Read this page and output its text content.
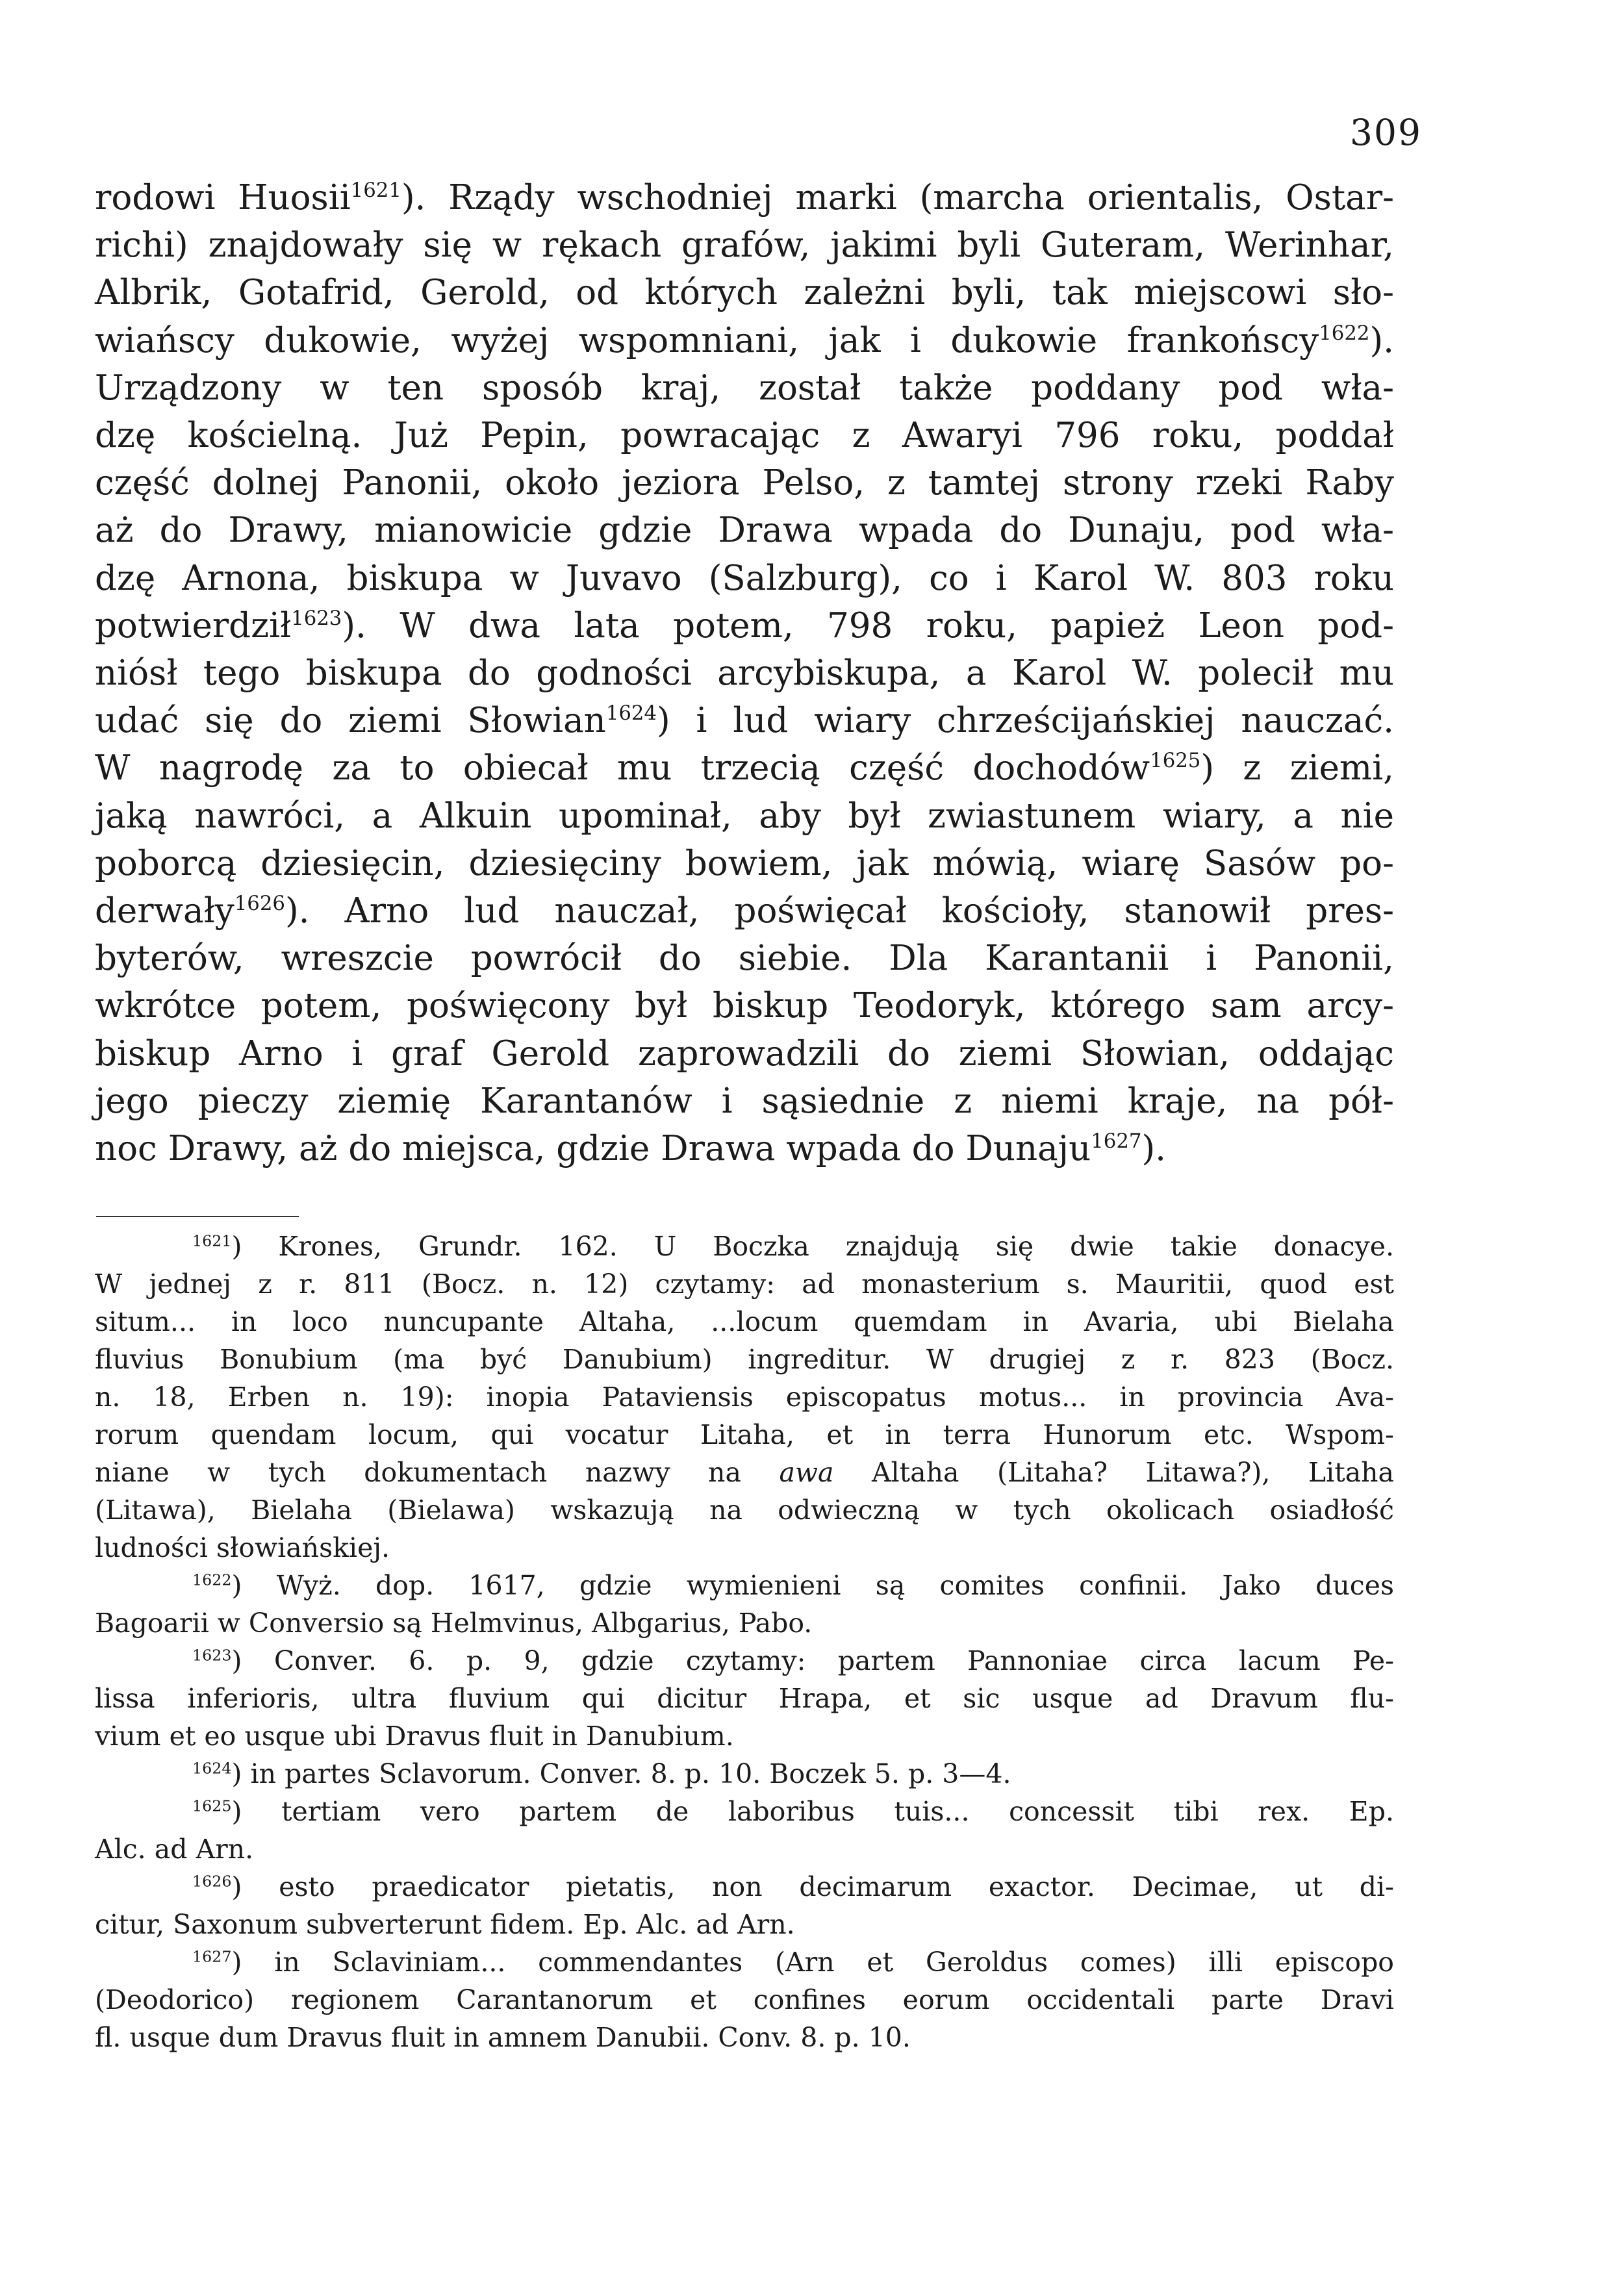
309
rodowi Huosii$^{1621}$). Rządy wschodniej marki (marcha orientalis, Ostar-
richi) znajdowały się w rękach grafów, jakimi byli Guteram, Werinhar,
Albrik, Gotafrid, Gerold, od których zależni byli, tak miejscowi sło-
wiańscy dukowie, wyżej wspomniani, jak i dukowie frankońscy$^{1622}$).
Urządzony w ten sposób kraj, został także poddany pod wła-
dzę kościelną. Już Pepin, powracając z Awaryi 796 roku, poddał
część dolnej Panonii, około jeziora Pelso, z tamtej strony rzeki Raby
aż do Drawy, mianowicie gdzie Drawa wpada do Dunaju, pod wła-
dzę Arnona, biskupa w Juvavo (Salzburg), co i Karol W. 803 roku
potwierdził$^{1623}$). W dwa lata potem, 798 roku, papież Leon pod-
niósł tego biskupa do godności arcybiskupa, a Karol W. polecił mu
udać się do ziemi Słowian$^{1624}$) i lud wiary chrześcijańskiej nauczać.
W nagrodę za to obiecał mu trzecią część dochodów$^{1625}$) z ziemi,
jaką nawróci, a Alkuin upominał, aby był zwiastunem wiary, a nie
poborcą dziesięcin, dziesięciny bowiem, jak mówią, wiarę Sasów po-
derwały$^{1626}$). Arno lud nauczał, poświęcał kościoły, stanowił pres-
byterów, wreszcie powrócił do siebie. Dla Karantanii i Panonii,
wkrótce potem, poświęcony był biskup Teodoryk, którego sam arcy-
biskup Arno i graf Gerold zaprowadzili do ziemi Słowian, oddając
jego pieczy ziemię Karantanów i sąsiednie z niemi kraje, na pół-
noc Drawy, aż do miejsca, gdzie Drawa wpada do Dunaju$^{1627}$).
$^{1621}$) Krones, Grundr. 162. U Boczka znajdują się dwie takie donacye.
W jednej z r. 811 (Bocz. n. 12) czytamy: ad monasterium s. Mauritii, quod est
situm... in loco nuncupante Altaha, ...locum quemdam in Avaria, ubi Bielaha
fluvius Bonubium (ma być Danubium) ingreditur. W drugiej z r. 823 (Bocz.
n. 18, Erben n. 19): inopia Pataviensis episcopatus motus... in provincia Ava-
rorum quendam locum, qui vocatur Litaha, et in terra Hunorum etc. Wspom-
niane w tych dokumentach nazwy na awa Altaha (Litaha? Litawa?), Litaha
(Litawa), Bielaha (Bielawa) wskazują na odwieczną w tych okolicach osiadłość
ludności słowiańskiej.
$^{1622}$) Wyż. dop. 1617, gdzie wymienieni są comites confinii. Jako duces
Bagoarii w Conversio są Helmvinus, Albgarius, Pabo.
$^{1623}$) Conver. 6. p. 9, gdzie czytamy: partem Pannoniae circa lacum Pe-
lissa inferioris, ultra fluvium qui dicitur Hrapa, et sic usque ad Dravum flu-
vium et eo usque ubi Dravus fluit in Danubium.
$^{1624}$) in partes Sclavorum. Conver. 8. p. 10. Boczek 5. p. 3—4.
$^{1625}$) tertiam vero partem de laboribus tuis... concessit tibi rex. Ep.
Alc. ad Arn.
$^{1626}$) esto praedicator pietatis, non decimarum exactor. Decimae, ut di-
citur, Saxonum subverterunt fidem. Ep. Alc. ad Arn.
$^{1627}$) in Sclaviniam... commendantes (Arn et Geroldus comes) illi episcopo
(Deodorico) regionem Carantanorum et confines eorum occidentali parte Dravi
fl. usque dum Dravus fluit in amnem Danubii. Conv. 8. p. 10.
